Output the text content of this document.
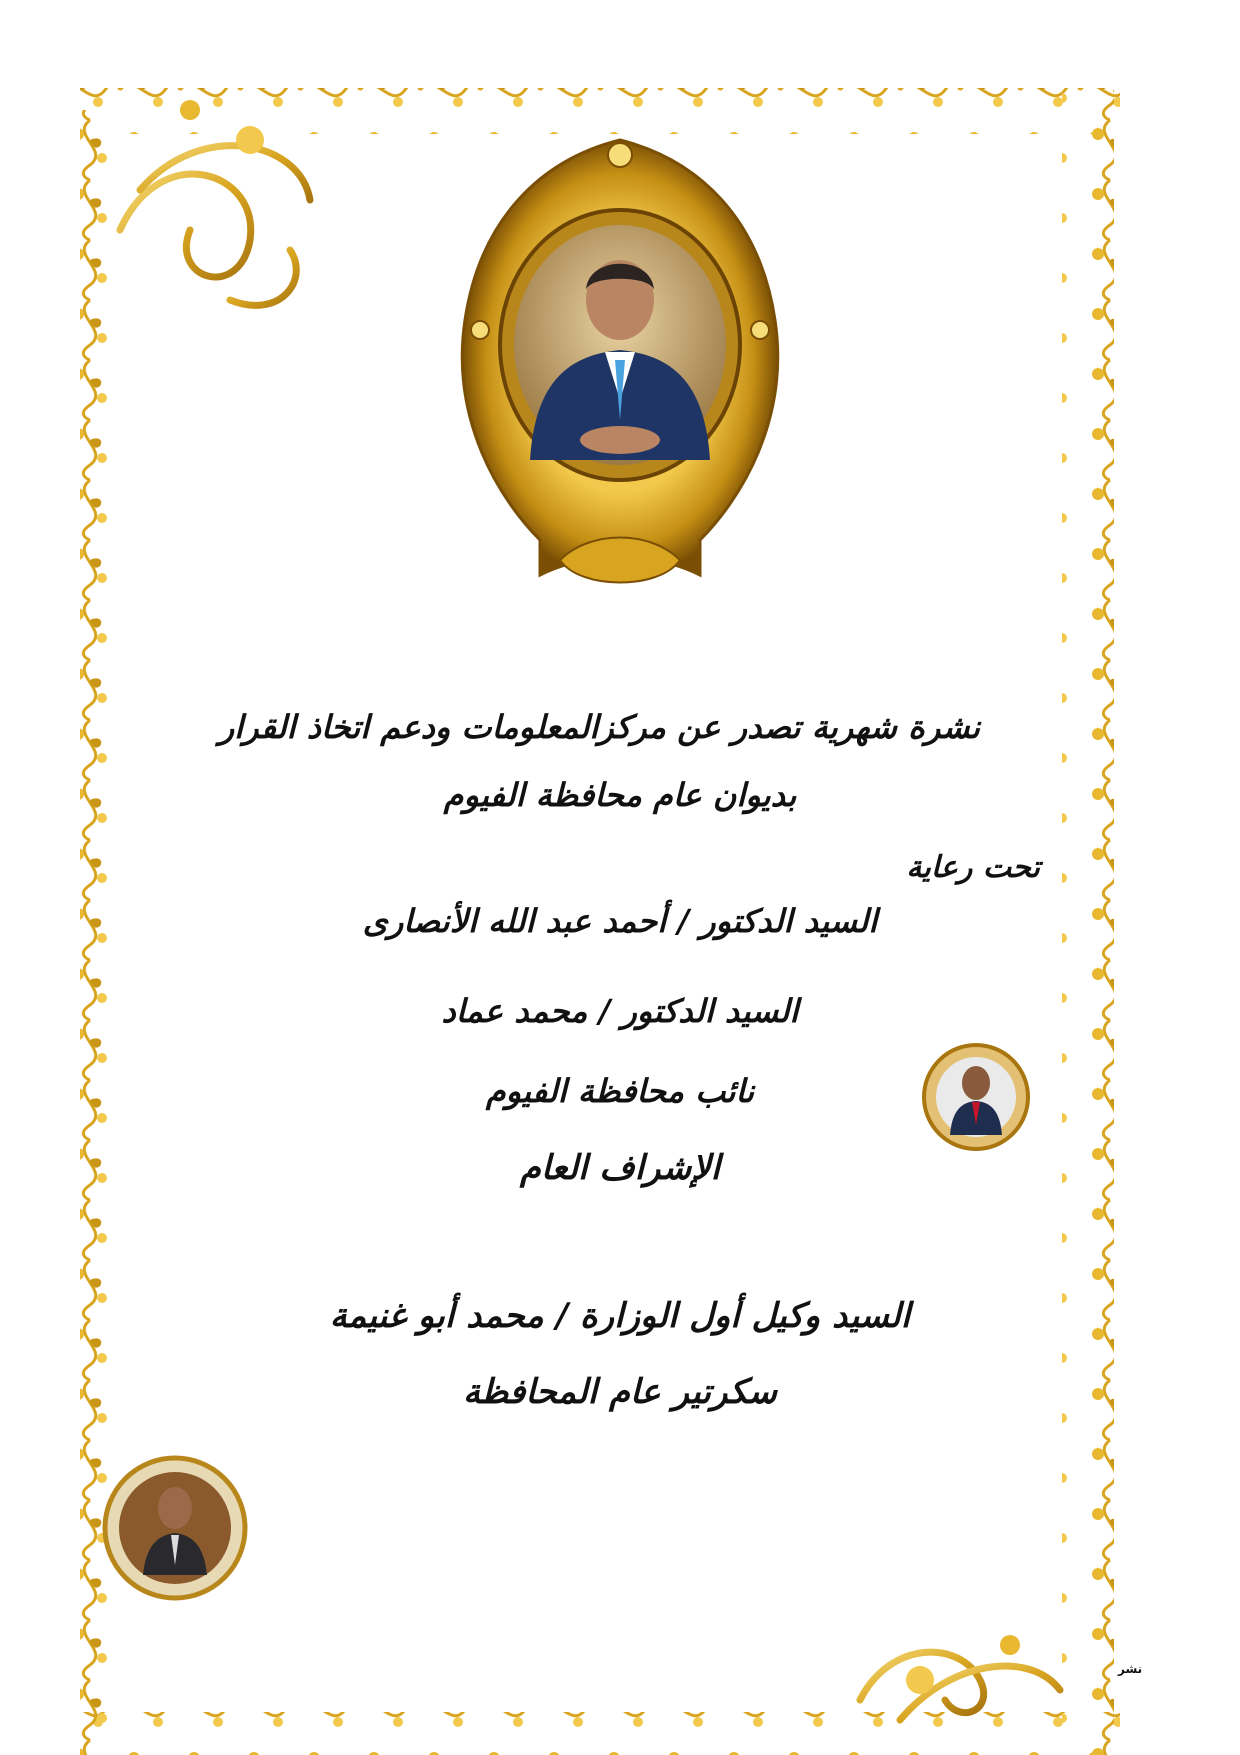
نشرة شهرية تصدر عن مركزالمعلومات ودعم اتخاذ القرار
بديوان عام محافظة الفيوم
السيد الدكتور / أحمد عبد الله الأنصارى
السيد الدكتور / محمد عماد
نائب محافظة الفيوم
الإشراف العام
السيد وكيل أول الوزارة / محمد أبو غنيمة
سكرتير عام المحافظة
تحت رعاية
نشر
